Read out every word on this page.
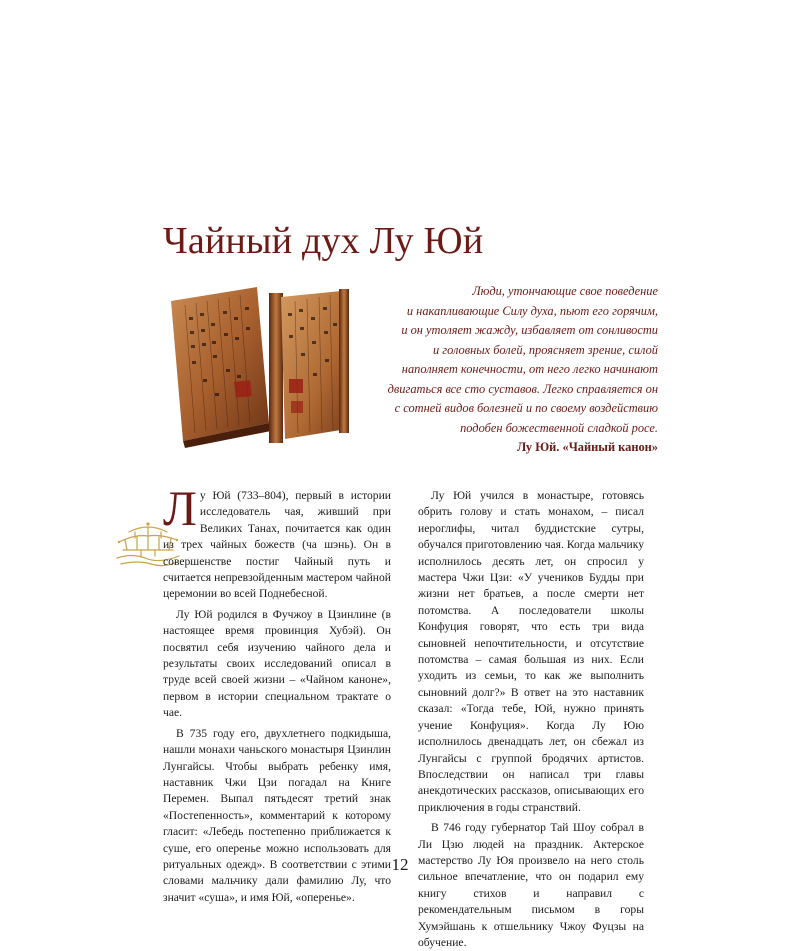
Чайный дух Лу Юй
Люди, утончающие свое поведение
и накапливающие Силу духа, пьют его горячим,
и он утоляет жажду, избавляет от сонливости
и головных болей, проясняет зрение, силой
наполняет конечности, от него легко начинают
двигаться все сто суставов. Легко справляется он
с сотней видов болезней и по своему воздействию
подобен божественной сладкой росе.
Лу Юй. «Чайный канон»

Лу Юй (733–804), первый в истории исследователь чая, живший при Великих Танах, почитается как один из трех чайных божеств (ча шэнь). Он в совершенстве постиг Чайный путь и считается непревзойденным мастером чайной церемонии во всей Поднебесной.

Лу Юй родился в Фучжоу в Цзинлине (в настоящее время провинция Хубэй). Он посвятил себя изучению чайного дела и результаты своих исследований описал в труде всей своей жизни – «Чайном каноне», первом в истории специальном трактате о чае.

В 735 году его, двухлетнего подкидыша, нашли монахи чаньского монастыря Цзинлин Лунгайсы. Чтобы выбрать ребенку имя, наставник Чжи Цзи погадал на Книге Перемен. Выпал пятьдесят третий знак «Постепенность», комментарий к которому гласит: «Лебедь постепенно приближается к суше, его оперенье можно использовать для ритуальных одежд». В соответствии с этими словами мальчику дали фамилию Лу, что значит «суша», и имя Юй, «оперенье».

Лу Юй учился в монастыре, готовясь обрить голову и стать монахом, – писал иероглифы, читал буддистские сутры, обучался приготовлению чая. Когда мальчику исполнилось десять лет, он спросил у мастера Чжи Цзи: «У учеников Будды при жизни нет братьев, а после смерти нет потомства. А последователи школы Конфуция говорят, что есть три вида сыновней непочтительности, и отсутствие потомства – самая большая из них. Если уходить из семьи, то как же выполнить сыновний долг?» В ответ на это наставник сказал: «Тогда тебе, Юй, нужно принять учение Конфуция». Когда Лу Юю исполнилось двенадцать лет, он сбежал из Лунгайсы с группой бродячих артистов. Впоследствии он написал три главы анекдотических рассказов, описывающих его приключения в годы странствий.

В 746 году губернатор Тай Шоу собрал в Ли Цзю людей на праздник. Актерское мастерство Лу Юя произвело на него столь сильное впечатление, что он подарил ему книгу стихов и направил с рекомендательным письмом в горы Хумэйшань к отшельнику Чжоу Фуцзы на обучение.

12
